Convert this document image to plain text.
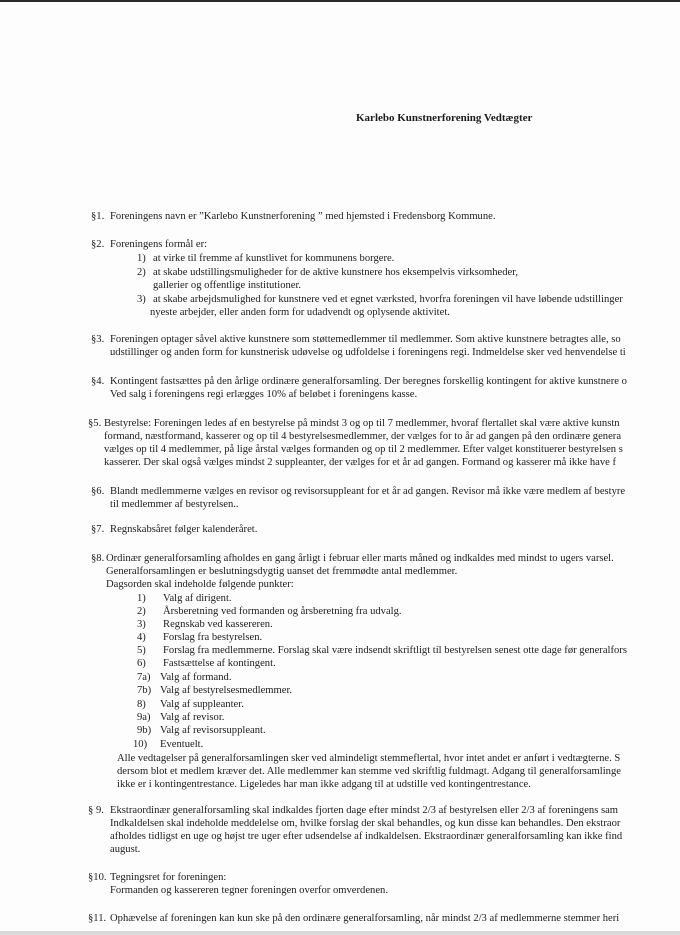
Karlebo Kunstnerforening Vedtægter
§1. Foreningens navn er ”Karlebo Kunstnerforening ” med hjemsted i Fredensborg Kommune.
§2. Foreningens formål er:
1) at virke til fremme af kunstlivet for kommunens borgere.
2) at skabe udstillingsmuligheder for de aktive kunstnere hos eksempelvis virksomheder,
gallerier og offentlige institutioner.
3) at skabe arbejdsmulighed for kunstnere ved et egnet værksted, hvorfra foreningen vil have løbende udstillinger
nyeste arbejder, eller anden form for udadvendt og oplysende aktivitet.
§3. Foreningen optager såvel aktive kunstnere som støttemedlemmer til medlemmer. Som aktive kunstnere betragtes alle, so
udstillinger og anden form for kunstnerisk udøvelse og udfoldelse i foreningens regi. Indmeldelse sker ved henvendelse ti
§4. Kontingent fastsættes på den årlige ordinære generalforsamling. Der beregnes forskellig kontingent for aktive kunstnere o
Ved salg i foreningens regi erlægges 10% af beløbet i foreningens kasse.
§5. Bestyrelse: Foreningen ledes af en bestyrelse på mindst 3 og op til 7 medlemmer, hvoraf flertallet skal være aktive kunstn
formand, næstformand, kasserer og op til 4 bestyrelsesmedlemmer, der vælges for to år ad gangen på den ordinære genera
vælges op til 4 medlemmer, på lige årstal vælges formanden og op til 2 medlemmer. Efter valget konstituerer bestyrelsen s
kasserer. Der skal også vælges mindst 2 suppleanter, der vælges for et år ad gangen. Formand og kasserer må ikke have f
§6. Blandt medlemmerne vælges en revisor og revisorsuppleant for et år ad gangen. Revisor må ikke være medlem af bestyre
til medlemmer af bestyrelsen..
§7. Regnskabsåret følger kalenderåret.
§8. Ordinær generalforsamling afholdes en gang årligt i februar eller marts måned og indkaldes med mindst to ugers varsel.
Generalforsamlingen er beslutningsdygtig uanset det fremmødte antal medlemmer.
Dagsorden skal indeholde følgende punkter:
1) Valg af dirigent.
2) Årsberetning ved formanden og årsberetning fra udvalg.
3) Regnskab ved kassereren.
4) Forslag fra bestyrelsen.
5) Forslag fra medlemmerne. Forslag skal være indsendt skriftligt til bestyrelsen senest otte dage før generalfors
6) Fastsættelse af kontingent.
7a) Valg af formand.
7b) Valg af bestyrelsesmedlemmer.
8) Valg af suppleanter.
9a) Valg af revisor.
9b) Valg af revisorsuppleant.
10) Eventuelt.
Alle vedtagelser på generalforsamlingen sker ved almindeligt stemmeflertal, hvor intet andet er anført i vedtægterne. S
dersom blot et medlem kræver det. Alle medlemmer kan stemme ved skriftlig fuldmagt. Adgang til generalforsamlinge
ikke er i kontingentrestance. Ligeledes har man ikke adgang til at udstille ved kontingentrestance.
§ 9. Ekstraordinær generalforsamling skal indkaldes fjorten dage efter mindst 2/3 af bestyrelsen eller 2/3 af foreningens sam
Indkaldelsen skal indeholde meddelelse om, hvilke forslag der skal behandles, og kun disse kan behandles. Den ekstraor
afholdes tidligst en uge og højst tre uger efter udsendelse af indkaldelsen. Ekstraordinær generalforsamling kan ikke find
august.
§10. Tegningsret for foreningen:
Formanden og kassereren tegner foreningen overfor omverdenen.
§11. Ophævelse af foreningen kan kun ske på den ordinære generalforsamling, når mindst 2/3 af medlemmerne stemmer heri
